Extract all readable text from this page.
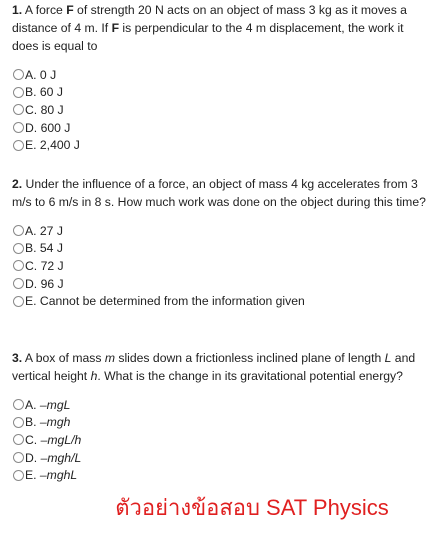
1. A force F of strength 20 N acts on an object of mass 3 kg as it moves a distance of 4 m. If F is perpendicular to the 4 m displacement, the work it does is equal to

A. 0 J
B. 60 J
C. 80 J
D. 600 J
E. 2,400 J

2. Under the influence of a force, an object of mass 4 kg accelerates from 3 m/s to 6 m/s in 8 s. How much work was done on the object during this time?

A. 27 J
B. 54 J
C. 72 J
D. 96 J
E. Cannot be determined from the information given

3. A box of mass m slides down a frictionless inclined plane of length L and vertical height h. What is the change in its gravitational potential energy?

A. –mgL
B. –mgh
C. –mgL/h
D. –mgh/L
E. –mghL
ตัวอย่างข้อสอบ SAT Physics
